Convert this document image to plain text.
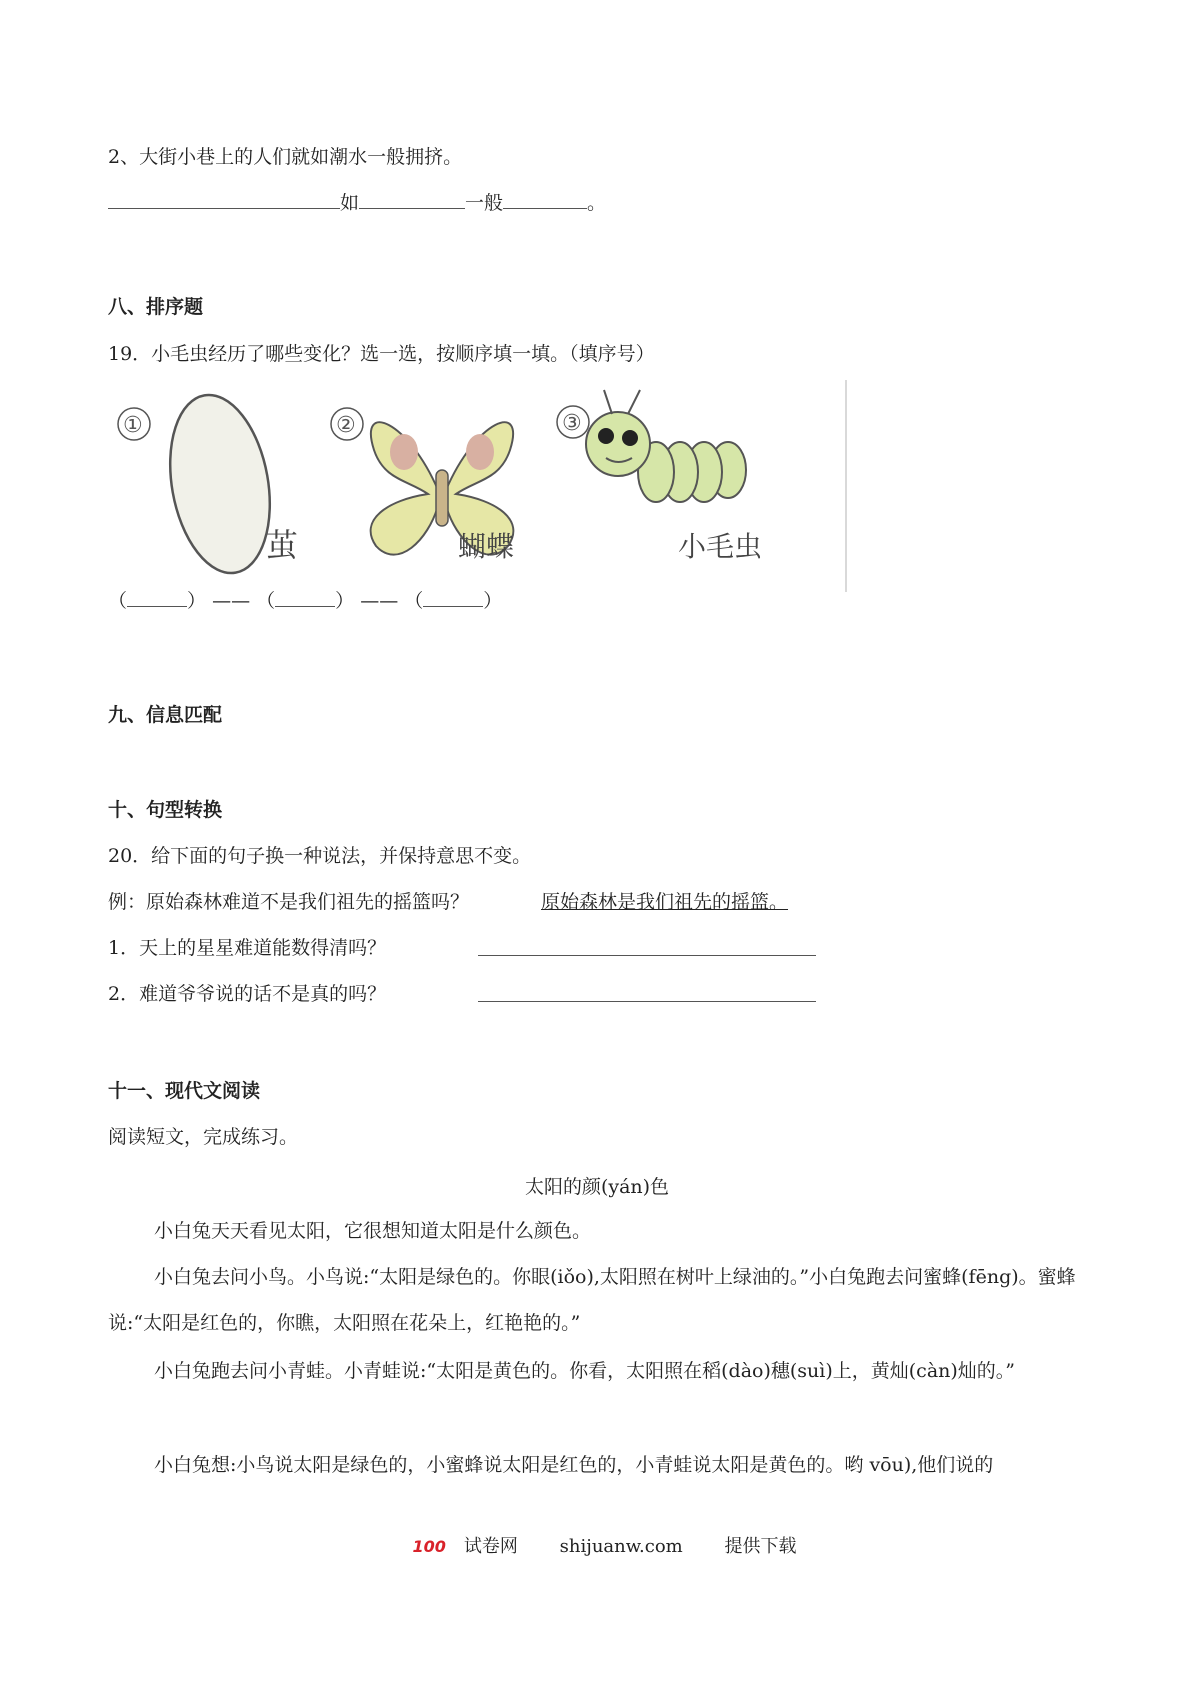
2、大街小巷上的人们就如潮水一般拥挤。
如	一般	。
八、排序题
19．小毛虫经历了哪些变化？选一选，按顺序填一填。（填序号）
①
茧
②
蝴蝶
③
小毛虫
（	） —— （	） —— （	）
九、信息匹配
十、句型转换
20．给下面的句子换一种说法，并保持意思不变。
例：原始森林难道不是我们祖先的摇篮吗？	原始森林是我们祖先的摇篮。
1．天上的星星难道能数得清吗？
2．难道爷爷说的话不是真的吗？
十一、现代文阅读
阅读短文，完成练习。
太阳的颜(yán)色
小白兔天天看见太阳，它很想知道太阳是什么颜色。
小白兔去问小鸟。小鸟说:“太阳是绿色的。你眼(iǒo),太阳照在树叶上绿油的。”小白兔跑去问蜜蜂(fēng)。蜜蜂说:“太阳是红色的，你瞧，太阳照在花朵上，红艳艳的。”
小白兔跑去问小青蛙。小青蛙说:“太阳是黄色的。你看，太阳照在稻(dào)穗(suì)上，黄灿(càn)灿的。”
小白兔想:小鸟说太阳是绿色的，小蜜蜂说太阳是红色的，小青蛙说太阳是黄色的。哟 vōu),他们说的
100 试卷网 shijuanw.com 提供下载
